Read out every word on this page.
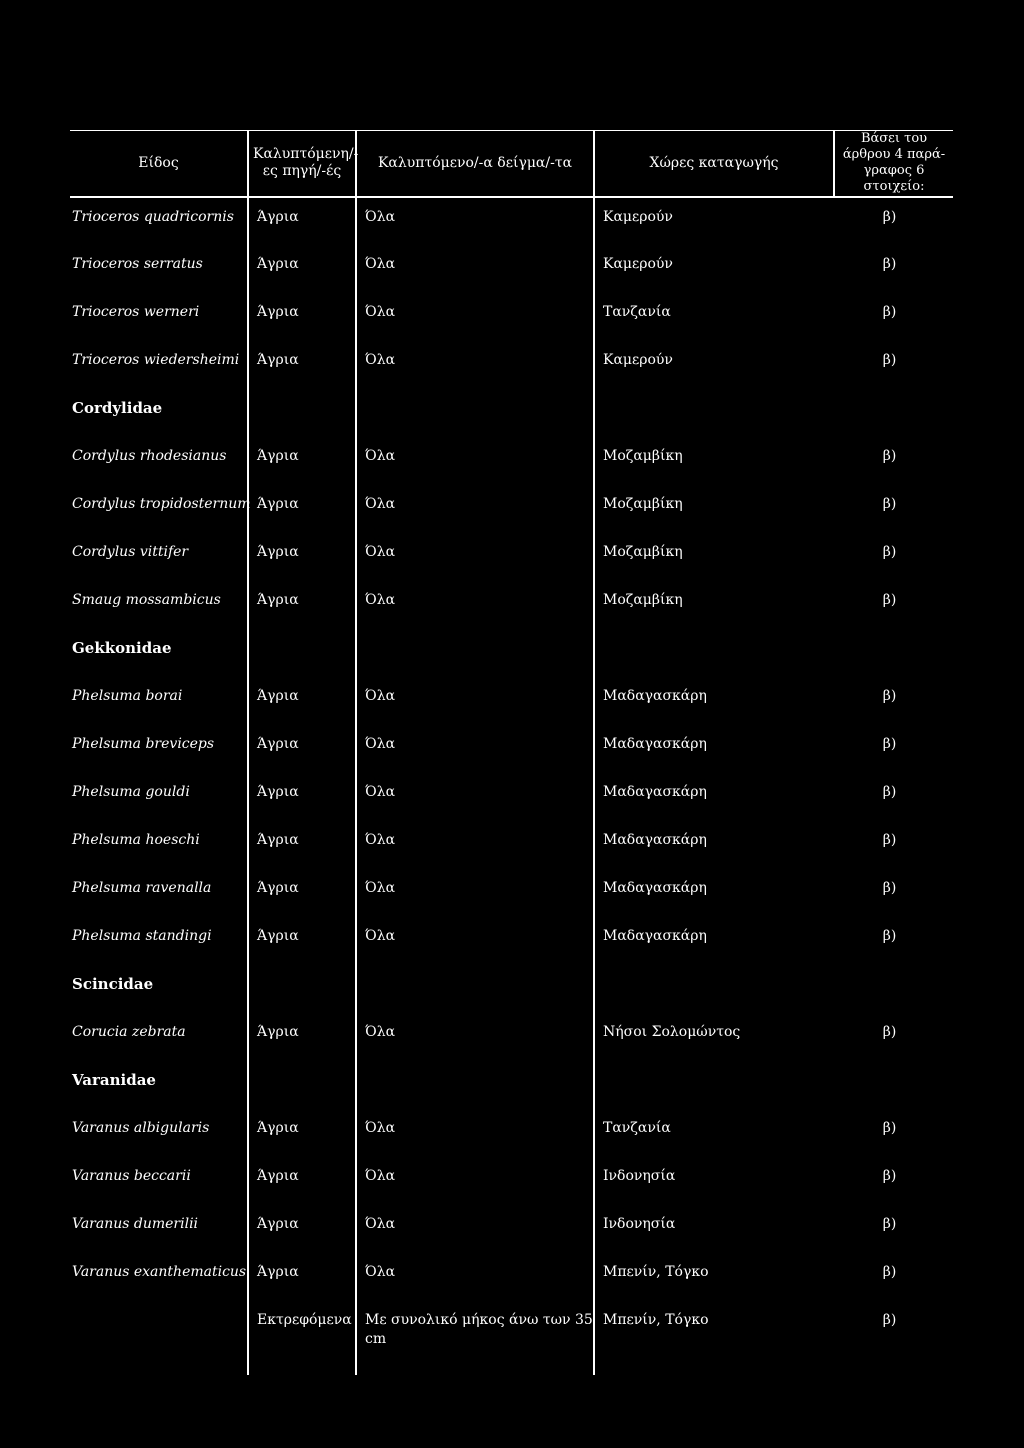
Είδος	Καλυπτόμενη/-ες πηγή/-ές	Καλυπτόμενο/-α δείγμα/-τα	Χώρες καταγωγής	Βάσει του άρθρου 4 παρά-γραφος 6 στοιχείο:
Trioceros quadricornis	Άγρια	Όλα	Καμερούν	β)
Trioceros serratus	Άγρια	Όλα	Καμερούν	β)
Trioceros werneri	Άγρια	Όλα	Τανζανία	β)
Trioceros wiedersheimi	Άγρια	Όλα	Καμερούν	β)
Cordylidae				
Cordylus rhodesianus	Άγρια	Όλα	Μοζαμβίκη	β)
Cordylus tropidosternum	Άγρια	Όλα	Μοζαμβίκη	β)
Cordylus vittifer	Άγρια	Όλα	Μοζαμβίκη	β)
Smaug mossambicus	Άγρια	Όλα	Μοζαμβίκη	β)
Gekkonidae				
Phelsuma borai	Άγρια	Όλα	Μαδαγασκάρη	β)
Phelsuma breviceps	Άγρια	Όλα	Μαδαγασκάρη	β)
Phelsuma gouldi	Άγρια	Όλα	Μαδαγασκάρη	β)
Phelsuma hoeschi	Άγρια	Όλα	Μαδαγασκάρη	β)
Phelsuma ravenalla	Άγρια	Όλα	Μαδαγασκάρη	β)
Phelsuma standingi	Άγρια	Όλα	Μαδαγασκάρη	β)
Scincidae				
Corucia zebrata	Άγρια	Όλα	Νήσοι Σολομώντος	β)
Varanidae				
Varanus albigularis	Άγρια	Όλα	Τανζανία	β)
Varanus beccarii	Άγρια	Όλα	Ινδονησία	β)
Varanus dumerilii	Άγρια	Όλα	Ινδονησία	β)
Varanus exanthematicus	Άγρια	Όλα	Μπενίν, Τόγκο	β)
	Εκτρεφόμενα	Με συνολικό μήκος άνω των 35 cm	Μπενίν, Τόγκο	β)
